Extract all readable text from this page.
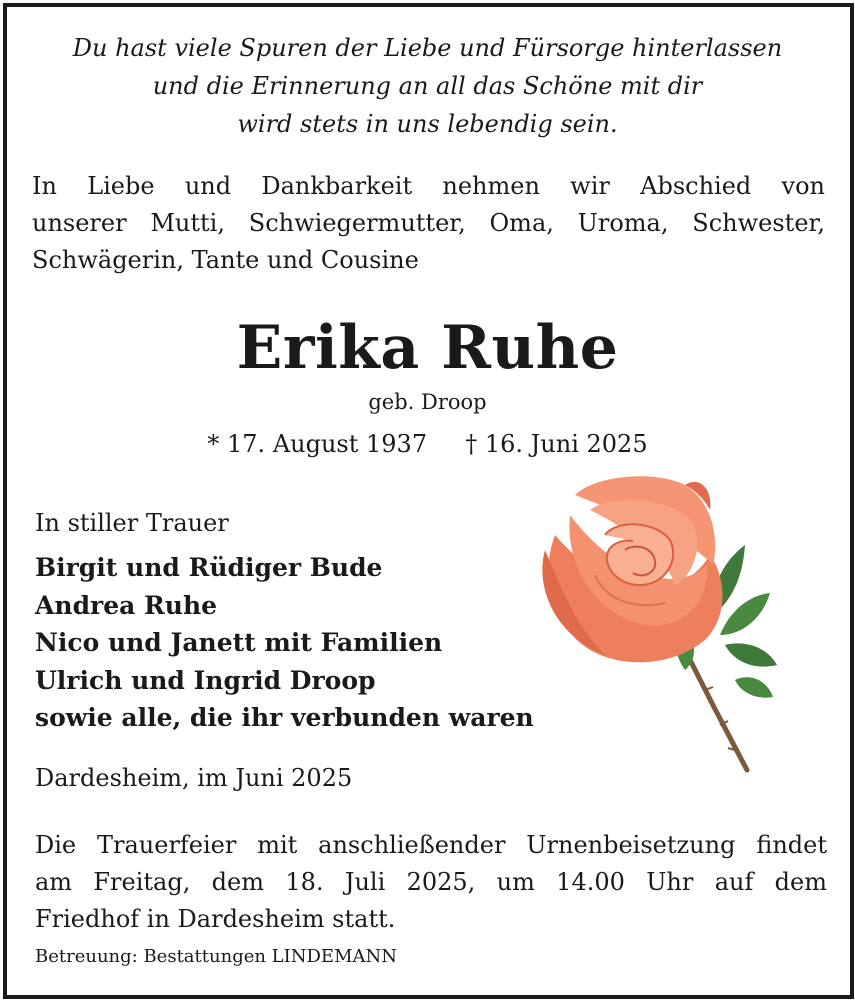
Du hast viele Spuren der Liebe und Fürsorge hinterlassen
und die Erinnerung an all das Schöne mit dir
wird stets in uns lebendig sein.
In Liebe und Dankbarkeit nehmen wir Abschied von
unserer Mutti, Schwiegermutter, Oma, Uroma, Schwester,
Schwägerin, Tante und Cousine
Erika Ruhe
geb. Droop
* 17. August 1937     † 16. Juni 2025
In stiller Trauer
Birgit und Rüdiger Bude
Andrea Ruhe
Nico und Janett mit Familien
Ulrich und Ingrid Droop
sowie alle, die ihr verbunden waren
Dardesheim, im Juni 2025
Die Trauerfeier mit anschließender Urnenbeisetzung findet
am Freitag, dem 18. Juli 2025, um 14.00 Uhr auf dem
Friedhof in Dardesheim statt.
Betreuung: Bestattungen LINDEMANN
